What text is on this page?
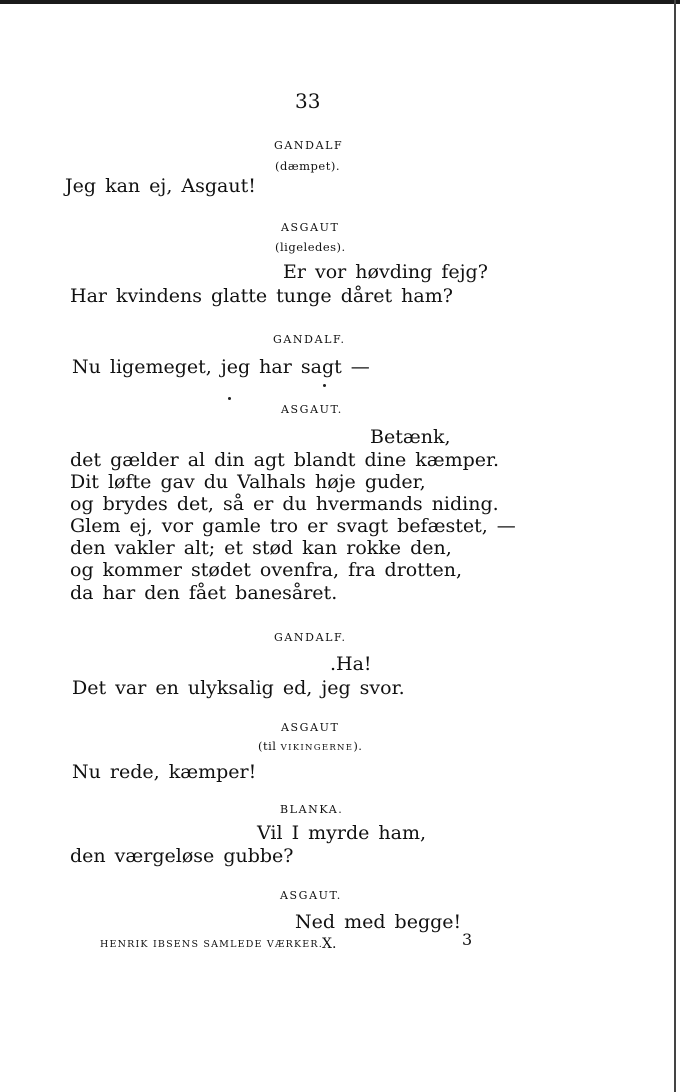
33
GANDALF
(dæmpet).
Jeg kan ej, Asgaut!
ASGAUT
(ligeledes).
Er vor høvding fejg?
Har kvindens glatte tunge dåret ham?
GANDALF.
Nu ligemeget, jeg har sagt —
ASGAUT.
Betænk,
det gælder al din agt blandt dine kæmper.
Dit løfte gav du Valhals høje guder,
og brydes det, så er du hvermands niding.
Glem ej, vor gamle tro er svagt befæstet, —
den vakler alt; et stød kan rokke den,
og kommer stødet ovenfra, fra drotten,
da har den fået banesåret.
GANDALF.
.Ha!
Det var en ulyksalig ed, jeg svor.
ASGAUT
(til VIKINGERNE).
Nu rede, kæmper!
BLANKA.
Vil I myrde ham,
den værgeløse gubbe?
ASGAUT.
Ned med begge!
HENRIK IBSENS SAMLEDE VÆRKER.
X.	3
